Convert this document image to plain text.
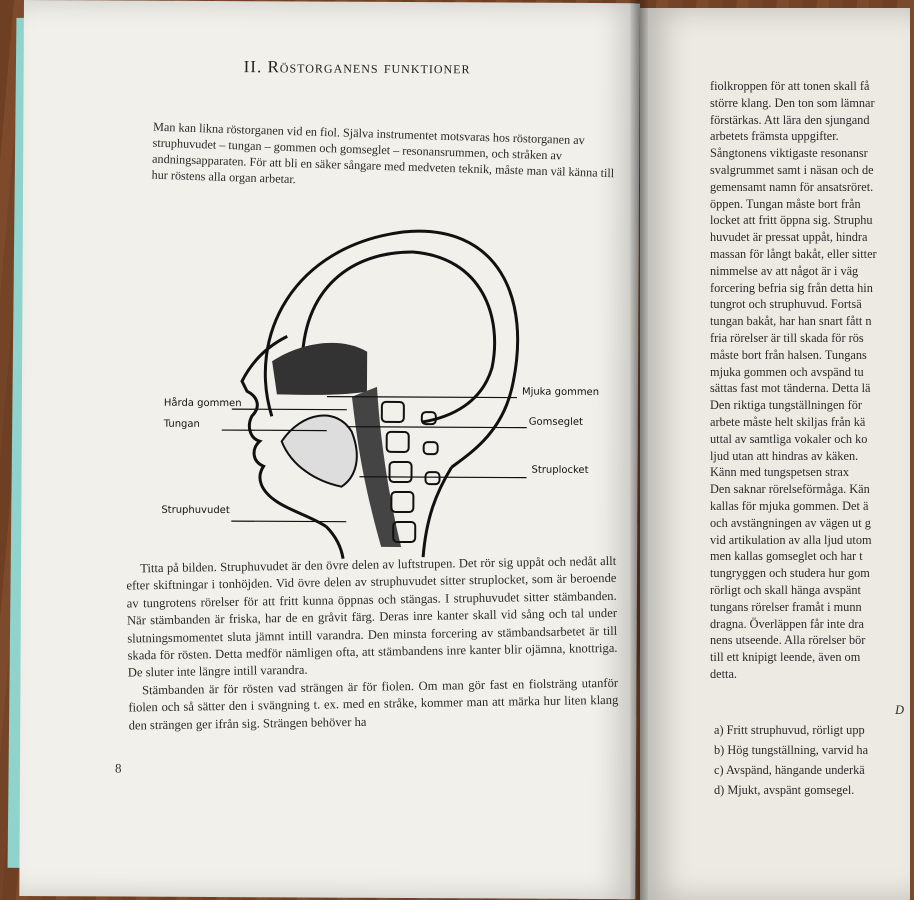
II. Röstorganens funktioner
Man kan likna röstorganen vid en fiol. Själva instrumentet motsvaras hos röstorganen av struphuvudet – tungan – gommen och gomseglet – resonansrummen, och stråken av andningsapparaten. För att bli en säker sångare med medveten teknik, måste man väl känna till hur röstens alla organ arbetar.
Hårda gommen
Tungan
Struphuvudet
Mjuka gommen
Gomseglet
Struplocket

Titta på bilden. Struphuvudet är den övre delen av luftstrupen. Det rör sig uppåt och nedåt allt efter skiftningar i tonhöjden. Vid övre delen av struphuvudet sitter struplocket, som är beroende av tungrotens rörelser för att fritt kunna öppnas och stängas. I struphuvudet sitter stämbanden. När stämbanden är friska, har de en gråvit färg. Deras inre kanter skall vid sång och tal under slutningsmomentet sluta jämnt intill varandra. Den minsta forcering av stämbandsarbetet är till skada för rösten. Detta medför nämligen ofta, att stämbandens inre kanter blir ojämna, knottriga. De sluter inte längre intill varandra.

Stämbanden är för rösten vad strängen är för fiolen. Om man gör fast en fiolsträng utanför fiolen och så sätter den i svängning t. ex. med en stråke, kommer man att märka hur liten klang den strängen ger ifrån sig. Strängen behöver ha

8
fiolkroppen för att tonen skall få
större klang. Den ton som lämnar
förstärkas. Att lära den sjungand
arbetets främsta uppgifter.
Sångtonens viktigaste resonansr
svalgrummet samt i näsan och de
gemensamt namn för ansatsröret.
öppen. Tungan måste bort från
locket att fritt öppna sig. Struphu
huvudet är pressat uppåt, hindra
massan för långt bakåt, eller sitter
nimmelse av att något är i väg
forcering befria sig från detta hin
tungrot och struphuvud. Fortsä
tungan bakåt, har han snart fått n
fria rörelser är till skada för rös
måste bort från halsen. Tungans
mjuka gommen och avspänd tu
sättas fast mot tänderna. Detta lä
Den riktiga tungställningen för
arbete måste helt skiljas från kä
uttal av samtliga vokaler och ko
ljud utan att hindras av käken.
Känn med tungspetsen strax
Den saknar rörelseförmåga. Kän
kallas för mjuka gommen. Det ä
och avstängningen av vägen ut g
vid artikulation av alla ljud utom
men kallas gomseglet och har t
tungryggen och studera hur gom
rörligt och skall hänga avspänt
tungans rörelser framåt i munn
dragna. Överläppen får inte dra
nens utseende. Alla rörelser bör
till ett knipigt leende, även om
detta.
D
a) Fritt struphuvud, rörligt upp
b) Hög tungställning, varvid ha
c) Avspänd, hängande underkä
d) Mjukt, avspänt gomsegel.
